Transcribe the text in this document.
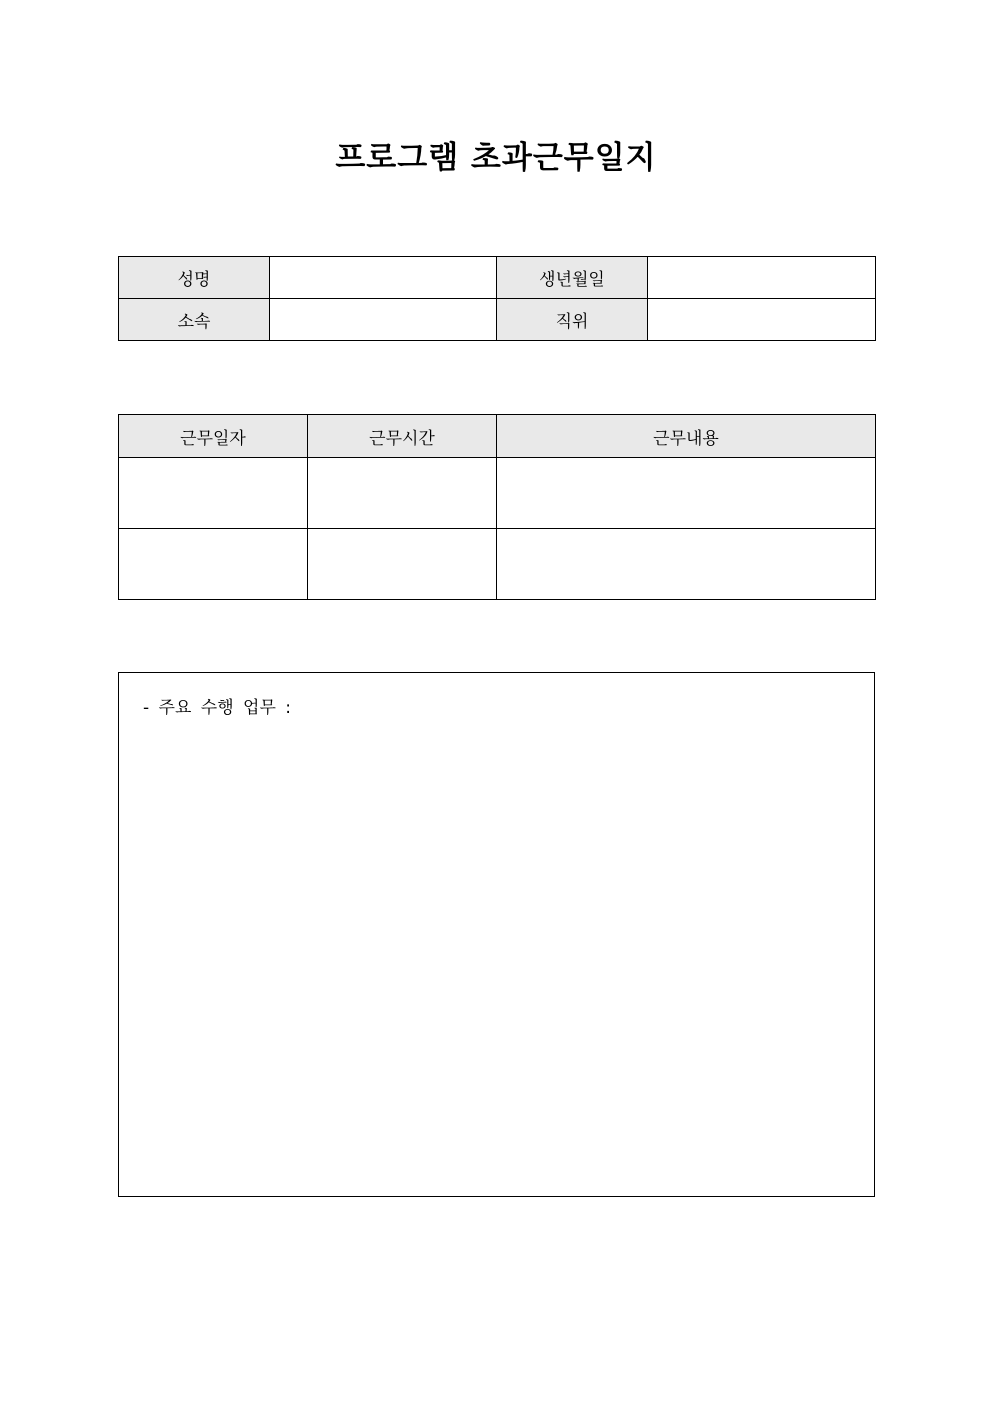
프로그램 초과근무일지
성명		생년월일	
소속		직위	
근무일자	근무시간	근무내용

- 주요 수행 업무 :
